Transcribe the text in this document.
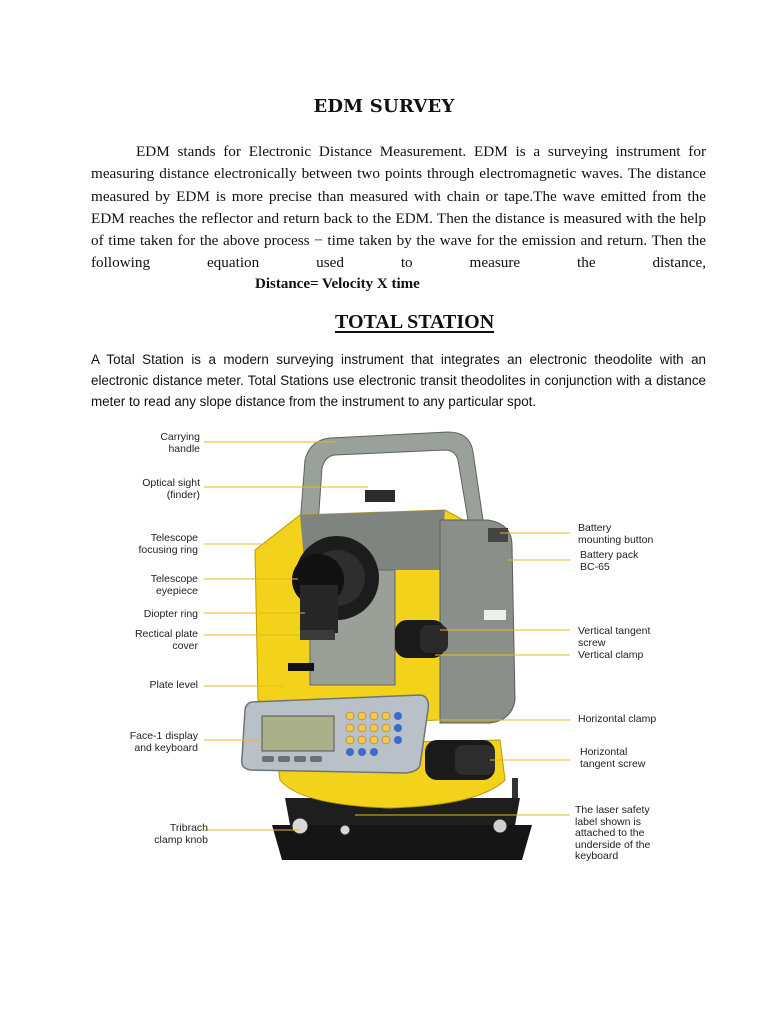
EDM SURVEY

EDM stands for Electronic Distance Measurement. EDM is a surveying instrument for measuring distance electronically between two points through electromagnetic waves. The distance measured by EDM is more precise than measured with chain or tape.The wave emitted from the EDM reaches the reflector and return back to the EDM. Then the distance is measured with the help of time taken for the above process − time taken by the wave for the emission and return. Then the following equation used to measure the distance,

Distance= Velocity X time
TOTAL STATION

A Total Station is a modern surveying instrument that integrates an electronic theodolite with an electronic distance meter. Total Stations use electronic transit theodolites in conjunction with a distance meter to read any slope distance from the instrument to any particular spot.

Carrying
handle
Optical sight
(finder)
Telescope
focusing ring
Telescope
eyepiece
Diopter ring
Rectical plate
cover
Plate level
Face-1 display
and keyboard
Tribrach
clamp knob
Battery
mounting button
Battery pack
BC-65
Vertical tangent
screw
Vertical clamp
Horizontal clamp
Horizontal
tangent screw
The laser safety
label shown is
attached to the
underside of the
keyboard
